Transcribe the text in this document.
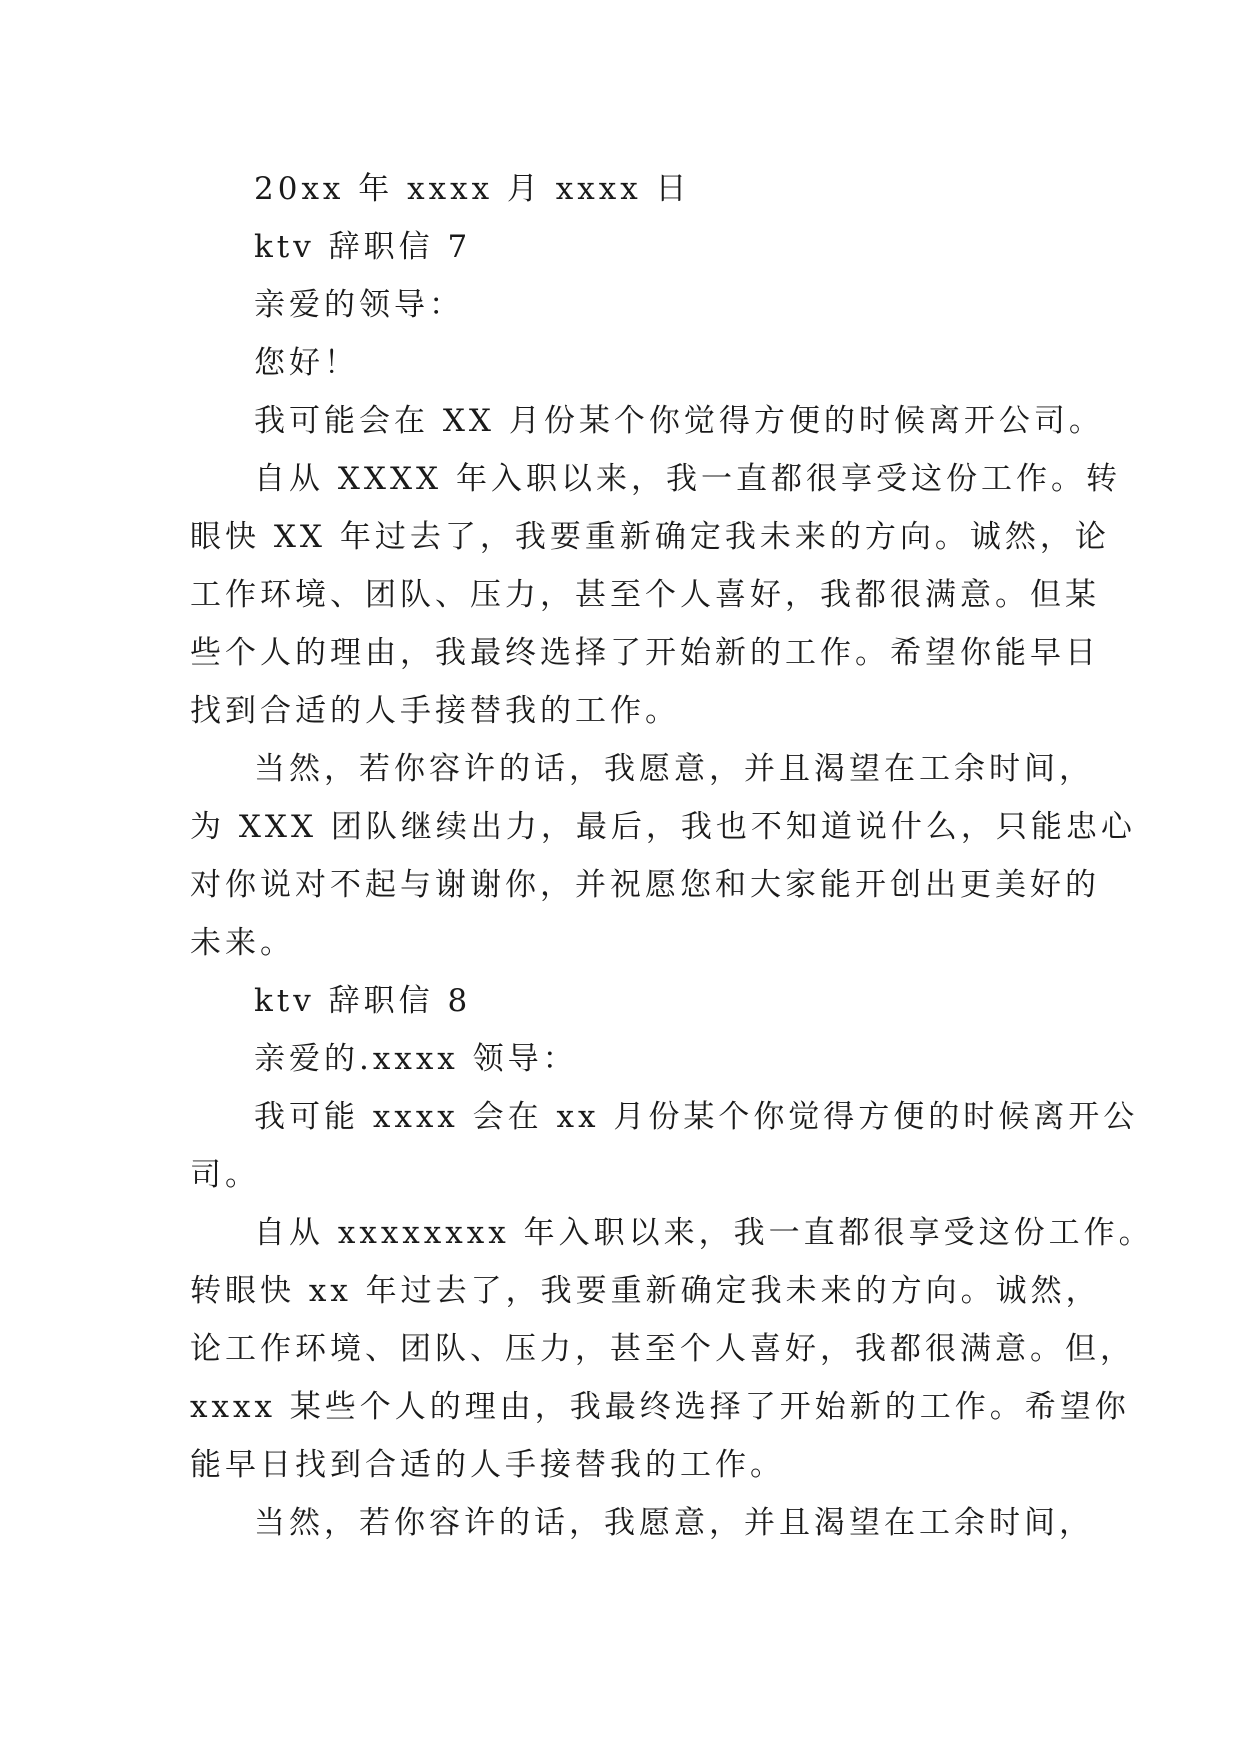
20xx 年 xxxx 月 xxxx 日
ktv 辞职信 7
亲爱的领导：
您好！
我可能会在 XX 月份某个你觉得方便的时候离开公司。
自从 XXXX 年入职以来，我一直都很享受这份工作。转
眼快 XX 年过去了，我要重新确定我未来的方向。诚然，论
工作环境、团队、压力，甚至个人喜好，我都很满意。但某
些个人的理由，我最终选择了开始新的工作。希望你能早日
找到合适的人手接替我的工作。
当然，若你容许的话，我愿意，并且渴望在工余时间，
为 XXX 团队继续出力，最后，我也不知道说什么，只能忠心
对你说对不起与谢谢你，并祝愿您和大家能开创出更美好的
未来。
ktv 辞职信 8
亲爱的.xxxx 领导：
我可能 xxxx 会在 xx 月份某个你觉得方便的时候离开公
司。
自从 xxxxxxxx 年入职以来，我一直都很享受这份工作。
转眼快 xx 年过去了，我要重新确定我未来的方向。诚然，
论工作环境、团队、压力，甚至个人喜好，我都很满意。但，
xxxx 某些个人的理由，我最终选择了开始新的工作。希望你
能早日找到合适的人手接替我的工作。
当然，若你容许的话，我愿意，并且渴望在工余时间，
